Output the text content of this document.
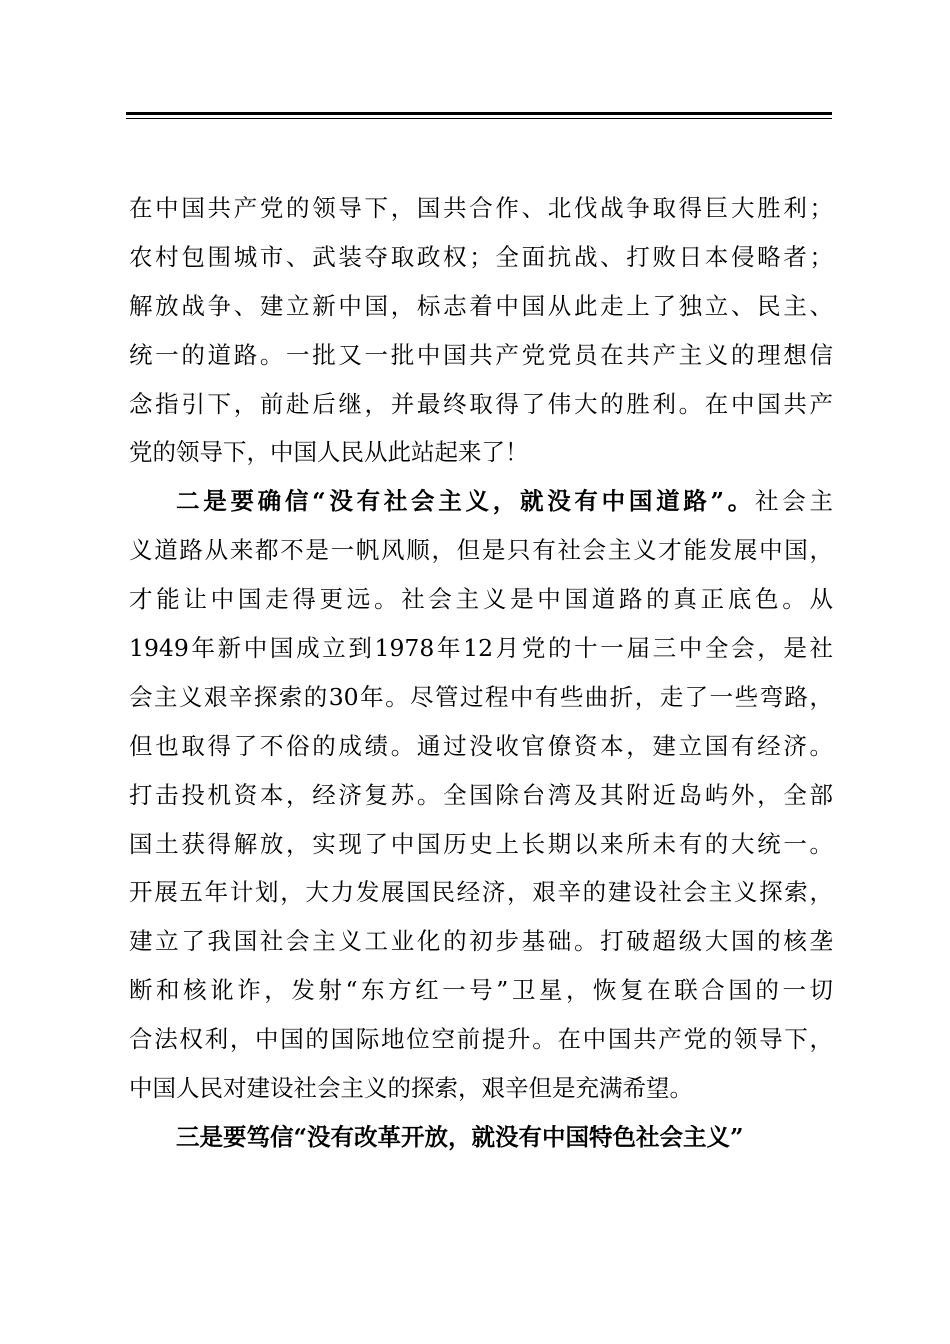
在中国共产党的领导下，国共合作、北伐战争取得巨大胜利；
农村包围城市、武装夺取政权；全面抗战、打败日本侵略者；
解放战争、建立新中国，标志着中国从此走上了独立、民主、
统一的道路。一批又一批中国共产党党员在共产主义的理想信
念指引下，前赴后继，并最终取得了伟大的胜利。在中国共产
党的领导下，中国人民从此站起来了！
二是要确信“没有社会主义，就没有中国道路”。社会主
义道路从来都不是一帆风顺，但是只有社会主义才能发展中国，
才能让中国走得更远。社会主义是中国道路的真正底色。从
1949年新中国成立到1978年12月党的十一届三中全会，是社
会主义艰辛探索的30年。尽管过程中有些曲折，走了一些弯路，
但也取得了不俗的成绩。通过没收官僚资本，建立国有经济。
打击投机资本，经济复苏。全国除台湾及其附近岛屿外，全部
国土获得解放，实现了中国历史上长期以来所未有的大统一。
开展五年计划，大力发展国民经济，艰辛的建设社会主义探索，
建立了我国社会主义工业化的初步基础。打破超级大国的核垄
断和核讹诈，发射“东方红一号”卫星，恢复在联合国的一切
合法权利，中国的国际地位空前提升。在中国共产党的领导下，
中国人民对建设社会主义的探索，艰辛但是充满希望。
三是要笃信“没有改革开放，就没有中国特色社会主义”
